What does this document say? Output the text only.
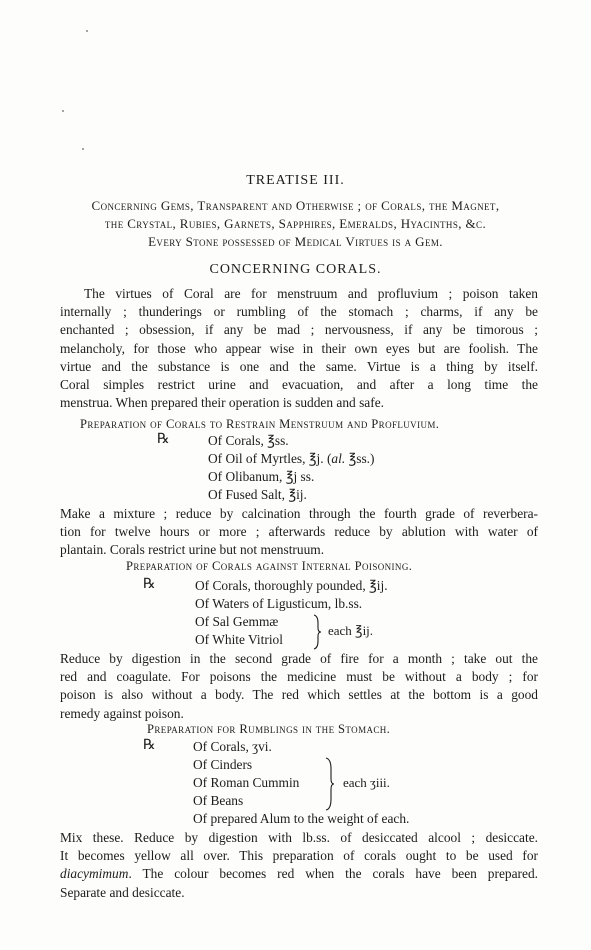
TREATISE III.
Concerning Gems, Transparent and Otherwise ; of Corals, the Magnet,
the Crystal, Rubies, Garnets, Sapphires, Emeralds, Hyacinths, &c.
Every Stone possessed of Medical Virtues is a Gem.
CONCERNING CORALS.
The virtues of Coral are for menstruum and profluvium ; poison taken
internally ; thunderings or rumbling of the stomach ; charms, if any be
enchanted ; obsession, if any be mad ; nervousness, if any be timorous ;
melancholy, for those who appear wise in their own eyes but are foolish. The
virtue and the substance is one and the same. Virtue is a thing by itself.
Coral simples restrict urine and evacuation, and after a long time the
menstrua. When prepared their operation is sudden and safe.
Preparation of Corals to Restrain Menstruum and Profluvium.
℞	Of Corals, ℥ss.
Of Oil of Myrtles, ℥j. (al. ℥ss.)
Of Olibanum, ℥j ss.
Of Fused Salt, ℥ij.
Make a mixture ; reduce by calcination through the fourth grade of reverbera-
tion for twelve hours or more ; afterwards reduce by ablution with water of
plantain. Corals restrict urine but not menstruum.
Preparation of Corals against Internal Poisoning.
℞	Of Corals, thoroughly pounded, ℥ij.
Of Waters of Ligusticum, lb.ss.
Of Sal Gemmæ
Of White Vitriol
each ℥ij.
Reduce by digestion in the second grade of fire for a month ; take out the
red and coagulate. For poisons the medicine must be without a body ; for
poison is also without a body. The red which settles at the bottom is a good
remedy against poison.
Preparation for Rumblings in the Stomach.
℞	Of Corals, ʒvi.
Of Cinders
Of Roman Cummin
Of Beans
each ʒiii.
Of prepared Alum to the weight of each.
Mix these. Reduce by digestion with lb.ss. of desiccated alcool ; desiccate.
It becomes yellow all over. This preparation of corals ought to be used for
diacymimum. The colour becomes red when the corals have been prepared.
Separate and desiccate.
